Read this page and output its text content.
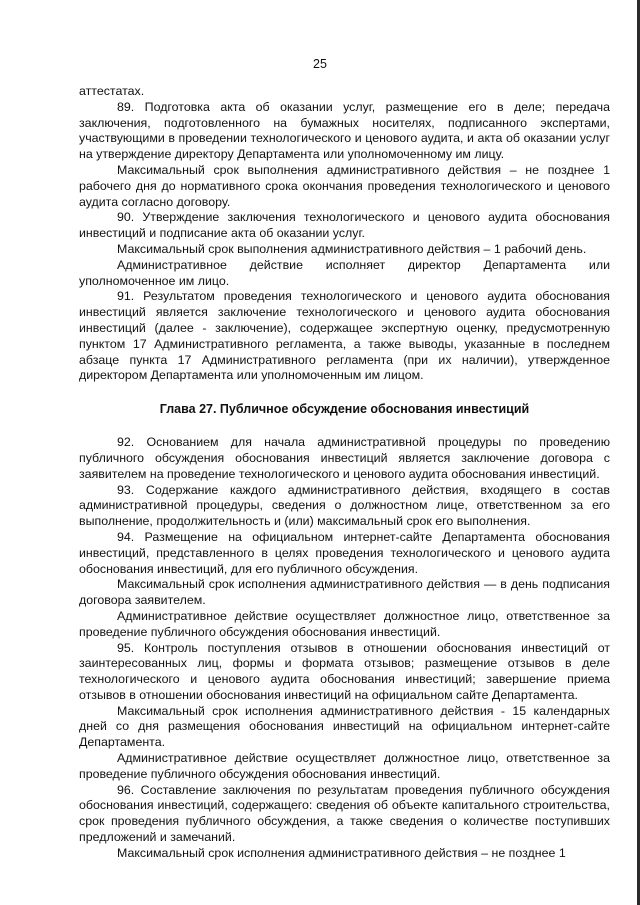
25

аттестатах.

89. Подготовка акта об оказании услуг, размещение его в деле; передача заключения, подготовленного на бумажных носителях, подписанного экспертами, участвующими в проведении технологического и ценового аудита, и акта об оказании услуг на утверждение директору Департамента или уполномоченному им лицу.

Максимальный срок выполнения административного действия – не позднее 1 рабочего дня до нормативного срока окончания проведения технологического и ценового аудита согласно договору.

90. Утверждение заключения технологического и ценового аудита обоснования инвестиций и подписание акта об оказании услуг.

Максимальный срок выполнения административного действия – 1 рабочий день.

Административное действие исполняет директор Департамента или уполномоченное им лицо.

91. Результатом проведения технологического и ценового аудита обоснования инвестиций является заключение технологического и ценового аудита обоснования инвестиций (далее - заключение), содержащее экспертную оценку, предусмотренную пунктом 17 Административного регламента, а также выводы, указанные в последнем абзаце пункта 17 Административного регламента (при их наличии), утвержденное директором Департамента или уполномоченным им лицом.

Глава 27. Публичное обсуждение обоснования инвестиций

92. Основанием для начала административной процедуры по проведению публичного обсуждения обоснования инвестиций является заключение договора с заявителем на проведение технологического и ценового аудита обоснования инвестиций.

93. Содержание каждого административного действия, входящего в состав административной процедуры, сведения о должностном лице, ответственном за его выполнение, продолжительность и (или) максимальный срок его выполнения.

94. Размещение на официальном интернет-сайте Департамента обоснования инвестиций, представленного в целях проведения технологического и ценового аудита обоснования инвестиций, для его публичного обсуждения.

Максимальный срок исполнения административного действия — в день подписания договора заявителем.

Административное действие осуществляет должностное лицо, ответственное за проведение публичного обсуждения обоснования инвестиций.

95. Контроль поступления отзывов в отношении обоснования инвестиций от заинтересованных лиц, формы и формата отзывов; размещение отзывов в деле технологического и ценового аудита обоснования инвестиций; завершение приема отзывов в отношении обоснования инвестиций на официальном сайте Департамента.

Максимальный срок исполнения административного действия - 15 календарных дней со дня размещения обоснования инвестиций на официальном интернет-сайте Департамента.

Административное действие осуществляет должностное лицо, ответственное за проведение публичного обсуждения обоснования инвестиций.

96. Составление заключения по результатам проведения публичного обсуждения обоснования инвестиций, содержащего: сведения об объекте капитального строительства, срок проведения публичного обсуждения, а также сведения о количестве поступивших предложений и замечаний.

Максимальный срок исполнения административного действия – не позднее 1
